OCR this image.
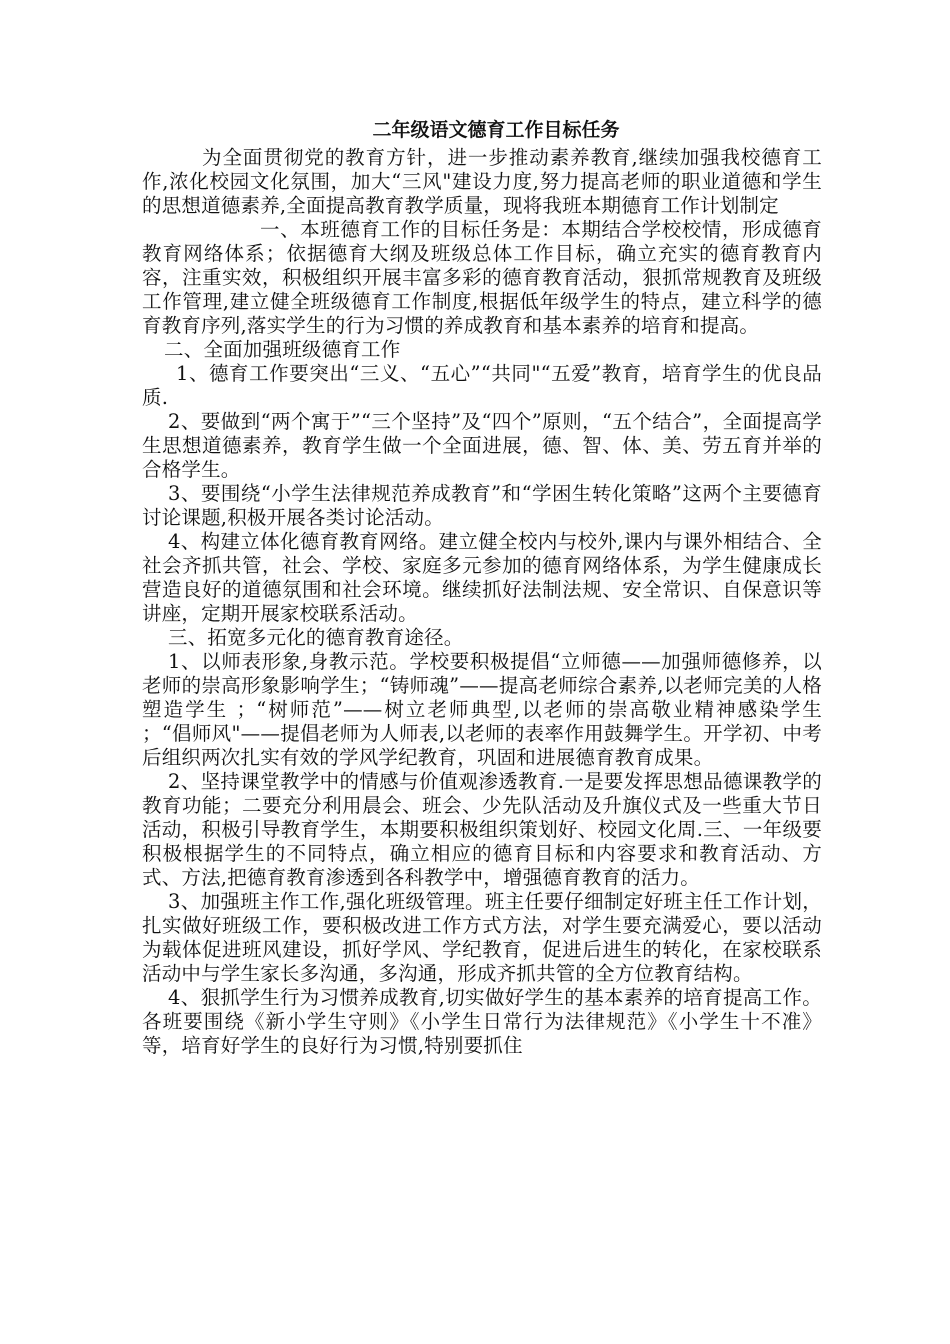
二年级语文德育工作目标任务

为全面贯彻党的教育方针，进一步推动素养教育,继续加强我校德育工作,浓化校园文化氛围，加大“三风"建设力度,努力提高老师的职业道德和学生的思想道德素养,全面提高教育教学质量，现将我班本期德育工作计划制定

一、本班德育工作的目标任务是：本期结合学校校情，形成德育教育网络体系；依据德育大纲及班级总体工作目标，确立充实的德育教育内容，注重实效，积极组织开展丰富多彩的德育教育活动，狠抓常规教育及班级工作管理,建立健全班级德育工作制度,根据低年级学生的特点，建立科学的德育教育序列,落实学生的行为习惯的养成教育和基本素养的培育和提高。

二、全面加强班级德育工作

1、德育工作要突出“三义、“五心”“共同"“五爱”教育，培育学生的优良品质.

2、要做到“两个寓于”“三个坚持”及“四个”原则，“五个结合”，全面提高学生思想道德素养，教育学生做一个全面进展，德、智、体、美、劳五育并举的合格学生。

3、要围绕“小学生法律规范养成教育”和“学困生转化策略”这两个主要德育讨论课题,积极开展各类讨论活动。

4、构建立体化德育教育网络。建立健全校内与校外,课内与课外相结合、全社会齐抓共管，社会、学校、家庭多元参加的德育网络体系，为学生健康成长营造良好的道德氛围和社会环境。继续抓好法制法规、安全常识、自保意识等讲座，定期开展家校联系活动。

三、拓宽多元化的德育教育途径。

1、以师表形象,身教示范。学校要积极提倡“立师德——加强师德修养，以老师的崇高形象影响学生；“铸师魂”——提高老师综合素养,以老师完美的人格塑造学生 ；“树师范”——树立老师典型,以老师的崇高敬业精神感染学生 ；“倡师风"——提倡老师为人师表,以老师的表率作用鼓舞学生。开学初、中考后组织两次扎实有效的学风学纪教育，巩固和进展德育教育成果。

2、坚持课堂教学中的情感与价值观渗透教育.一是要发挥思想品德课教学的教育功能；二要充分利用晨会、班会、少先队活动及升旗仪式及一些重大节日活动，积极引导教育学生，本期要积极组织策划好、校园文化周.三、一年级要积极根据学生的不同特点，确立相应的德育目标和内容要求和教育活动、方式、方法,把德育教育渗透到各科教学中，增强德育教育的活力。

3、加强班主作工作,强化班级管理。班主任要仔细制定好班主任工作计划，扎实做好班级工作，要积极改进工作方式方法，对学生要充满爱心，要以活动为载体促进班风建设，抓好学风、学纪教育，促进后进生的转化，在家校联系活动中与学生家长多沟通，多沟通，形成齐抓共管的全方位教育结构。

4、狠抓学生行为习惯养成教育,切实做好学生的基本素养的培育提高工作。各班要围绕《新小学生守则》《小学生日常行为法律规范》《小学生十不准》等，培育好学生的良好行为习惯,特别要抓住
